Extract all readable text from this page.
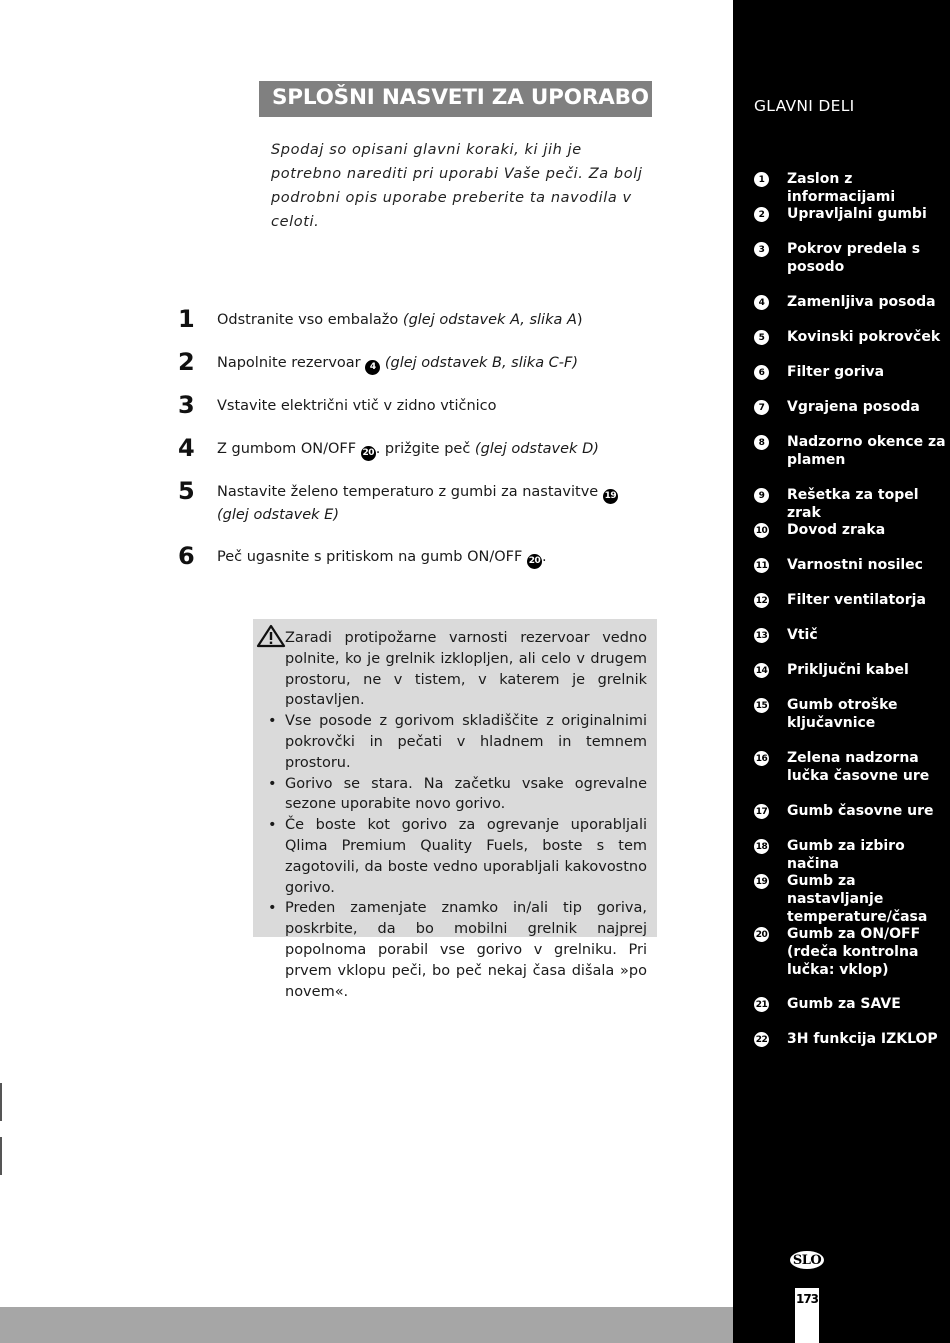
SPLOŠNI NASVETI ZA UPORABO
Spodaj so opisani glavni koraki, ki jih je potrebno narediti pri uporabi Vaše peči. Za bolj podrobni opis uporabe preberite ta navodila v celoti.
1	Odstranite vso embalažo (glej odstavek A, slika A)
2	Napolnite rezervoar 4 (glej odstavek B, slika C-F)
3	Vstavite električni vtič v zidno vtičnico
4	Z gumbom ON/OFF 20 . prižgite peč (glej odstavek D)
5	Nastavite želeno temperaturo z gumbi za nastavitve 19 (glej odstavek E)
6	Peč ugasnite s pritiskom na gumb ON/OFF 20 .

Zaradi protipožarne varnosti rezervoar vedno polnite, ko je grelnik izklopljen, ali celo v drugem prostoru, ne v tistem, v katerem je grelnik postavljen.

• Vse posode z gorivom skladiščite z originalnimi pokrovčki in pečati v hladnem in temnem prostoru.

• Gorivo se stara. Na začetku vsake ogrevalne sezone uporabite novo gorivo.

• Če boste kot gorivo za ogrevanje uporabljali Qlima Premium Quality Fuels, boste s tem zagotovili, da boste vedno uporabljali kakovostno gorivo.

• Preden zamenjate znamko in/ali tip goriva, poskrbite, da bo mobilni grelnik najprej popolnoma porabil vse gorivo v grelniku. Pri prvem vklopu peči, bo peč nekaj časa dišala »po novem«.

GLAVNI DELI
1	Zaslon z informacijami
2	Upravljalni gumbi
3	Pokrov predela s posodo
4	Zamenljiva posoda
5	Kovinski pokrovček
6	Filter goriva
7	Vgrajena posoda
8	Nadzorno okence za plamen
9	Rešetka za topel zrak
10 Dovod zraka
11 Varnostni nosilec
12 Filter ventilatorja
13 Vtič
14 Priključni kabel
15 Gumb otroške ključavnice
16 Zelena nadzorna lučka časovne ure
17 Gumb časovne ure
18 Gumb za izbiro načina
19 Gumb za nastavljanje temperature/časa
20 Gumb za ON/OFF (rdeča kontrolna lučka: vklop)
21 Gumb za SAVE
22 3H funkcija IZKLOP
SLO
173
